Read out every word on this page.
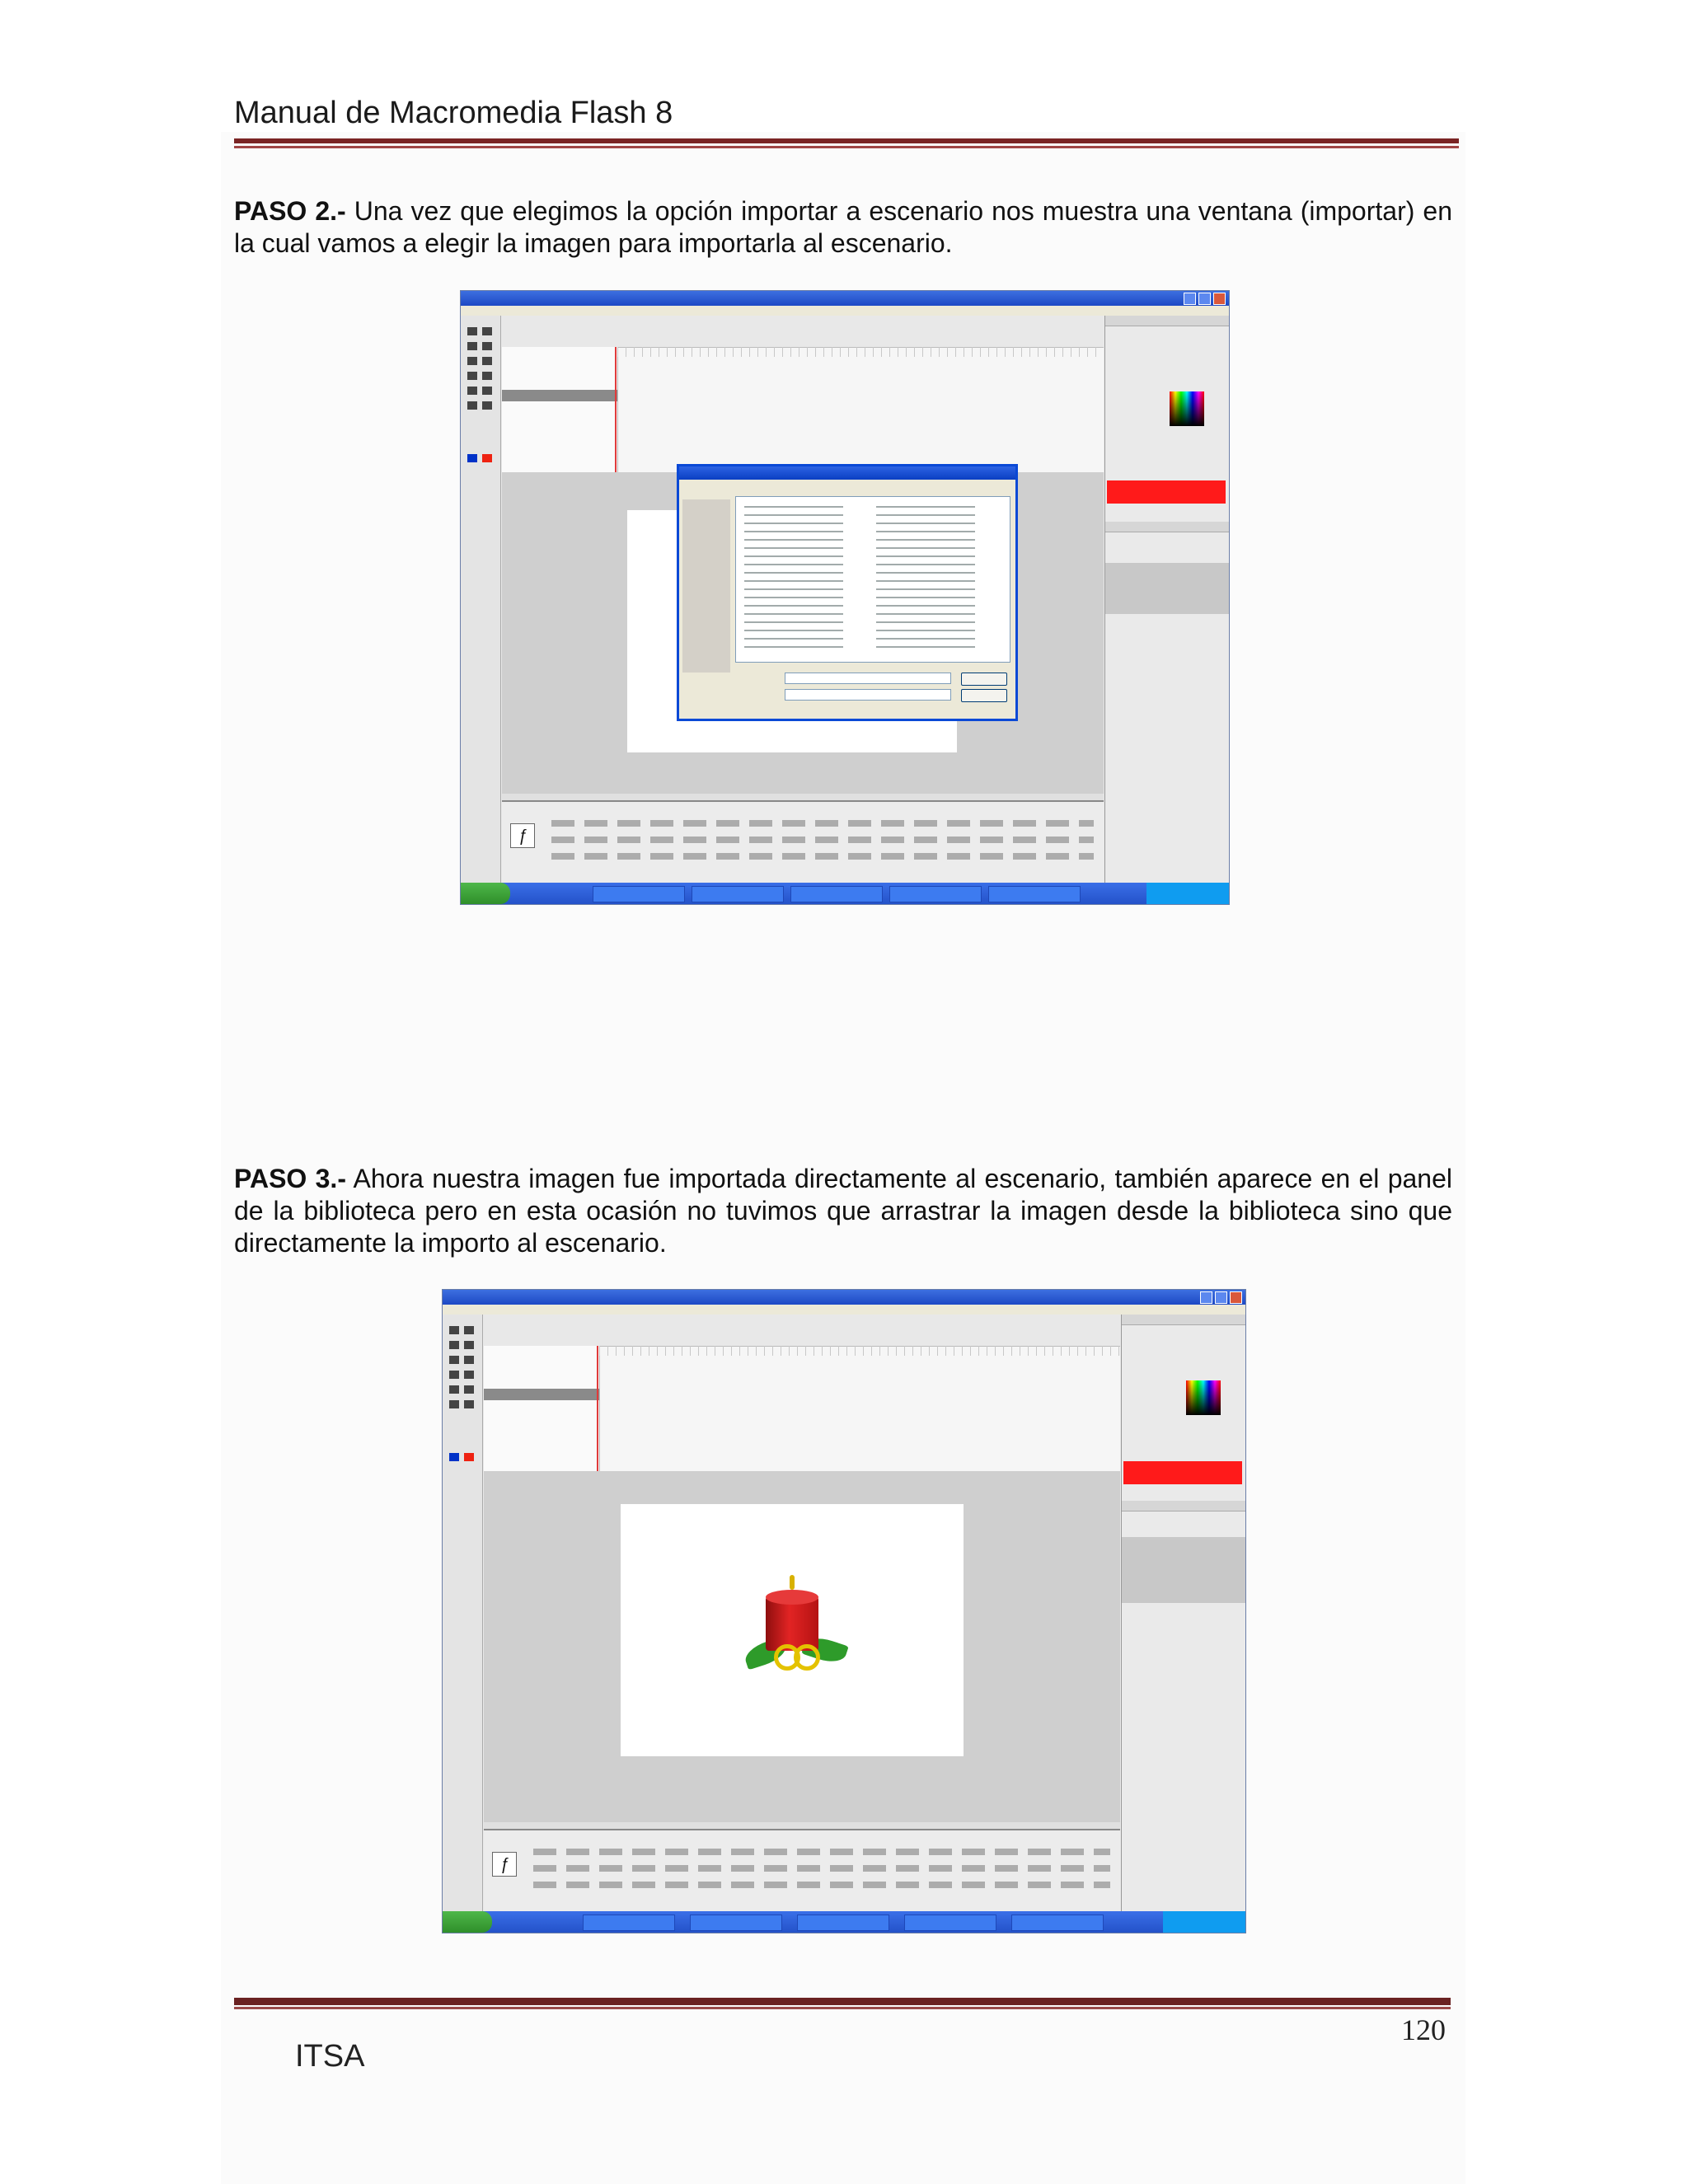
Manual de Macromedia Flash 8
PASO 2.- Una vez que elegimos la opción importar a escenario nos muestra una ventana (importar) en la cual vamos a elegir la imagen para importarla al escenario.
ƒ
PASO 3.- Ahora nuestra imagen fue importada directamente al escenario, también aparece en el panel de la biblioteca pero en esta ocasión no tuvimos que arrastrar la imagen desde la biblioteca sino que directamente la importo al escenario.
ƒ
120
ITSA
